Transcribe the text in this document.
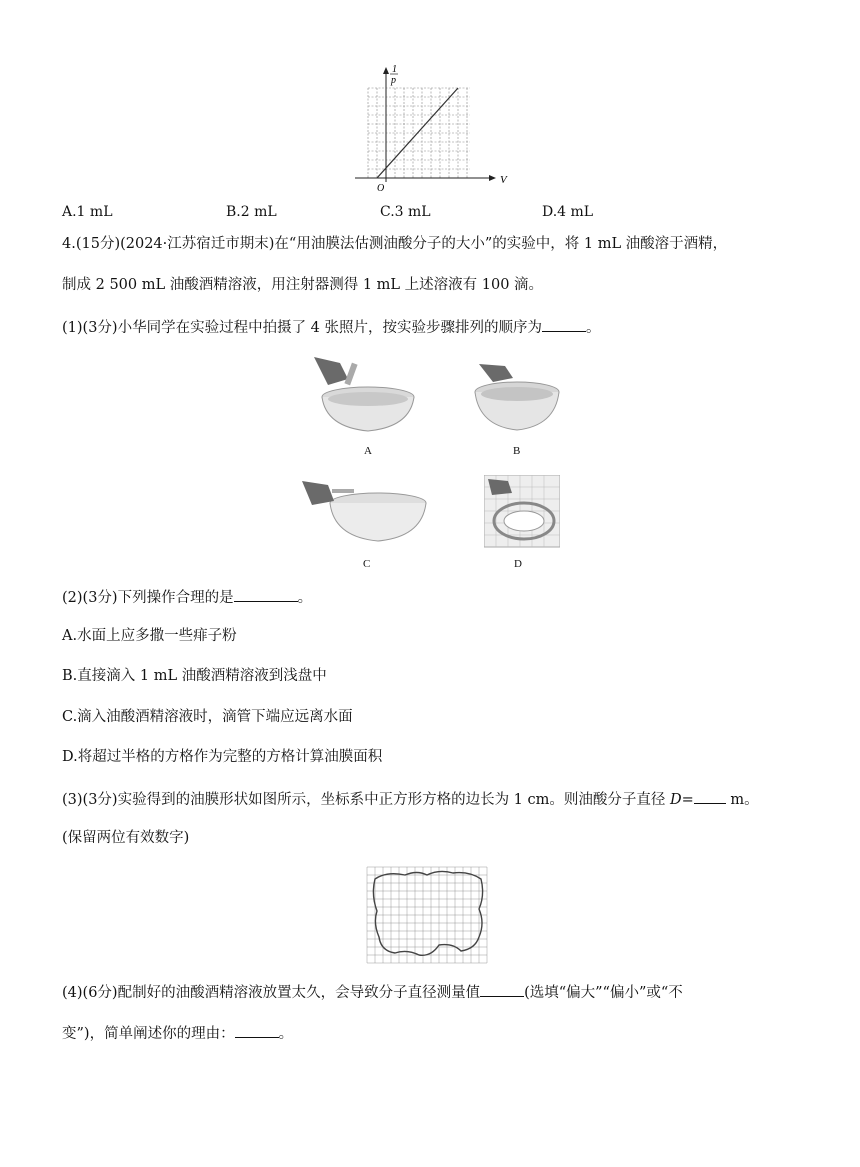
1
p
V
O
A.1 mL	B.2 mL	C.3 mL	D.4 mL
4.(15分)(2024·江苏宿迁市期末)在“用油膜法估测油酸分子的大小”的实验中，将 1 mL 油酸溶于酒精，
制成 2 500 mL 油酸酒精溶液，用注射器测得 1 mL 上述溶液有 100 滴。
(1)(3分)小华同学在实验过程中拍摄了 4 张照片，按实验步骤排列的顺序为	。
A	B
C	D
(2)(3分)下列操作合理的是	。
A.水面上应多撒一些痱子粉
B.直接滴入 1 mL 油酸酒精溶液到浅盘中
C.滴入油酸酒精溶液时，滴管下端应远离水面
D.将超过半格的方格作为完整的方格计算油膜面积
(3)(3分)实验得到的油膜形状如图所示，坐标系中正方形方格的边长为 1 cm。则油酸分子直径 D= m。
(保留两位有效数字)
(4)(6分)配制好的油酸酒精溶液放置太久，会导致分子直径测量值	(选填“偏大”“偏小”或“不
变”)，简单阐述你的理由：	。
